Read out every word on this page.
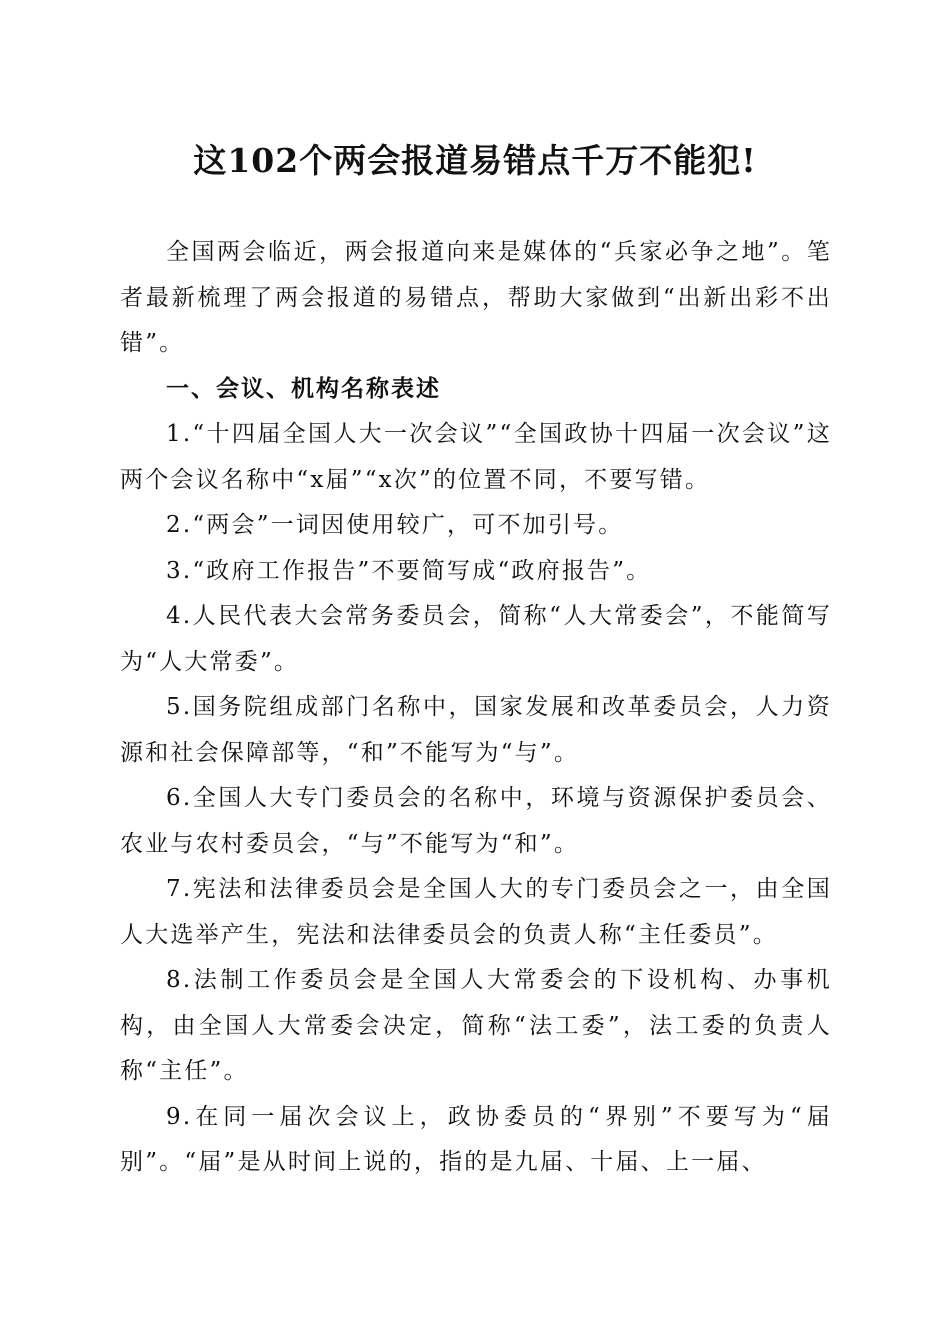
这102个两会报道易错点千万不能犯!

全国两会临近，两会报道向来是媒体的“兵家必争之地”。笔者最新梳理了两会报道的易错点，帮助大家做到“出新出彩不出错”。

一、会议、机构名称表述

1.“十四届全国人大一次会议”“全国政协十四届一次会议”这两个会议名称中“x届”“x次”的位置不同，不要写错。

2.“两会”一词因使用较广，可不加引号。

3.“政府工作报告”不要简写成“政府报告”。

4.人民代表大会常务委员会，简称“人大常委会”，不能简写为“人大常委”。

5.国务院组成部门名称中，国家发展和改革委员会，人力资源和社会保障部等，“和”不能写为“与”。

6.全国人大专门委员会的名称中，环境与资源保护委员会、农业与农村委员会，“与”不能写为“和”。

7.宪法和法律委员会是全国人大的专门委员会之一，由全国人大选举产生，宪法和法律委员会的负责人称“主任委员”。

8.法制工作委员会是全国人大常委会的下设机构、办事机构，由全国人大常委会决定，简称“法工委”，法工委的负责人称“主任”。

9.在同一届次会议上，政协委员的“界别”不要写为“届别”。“届”是从时间上说的，指的是九届、十届、上一届、
